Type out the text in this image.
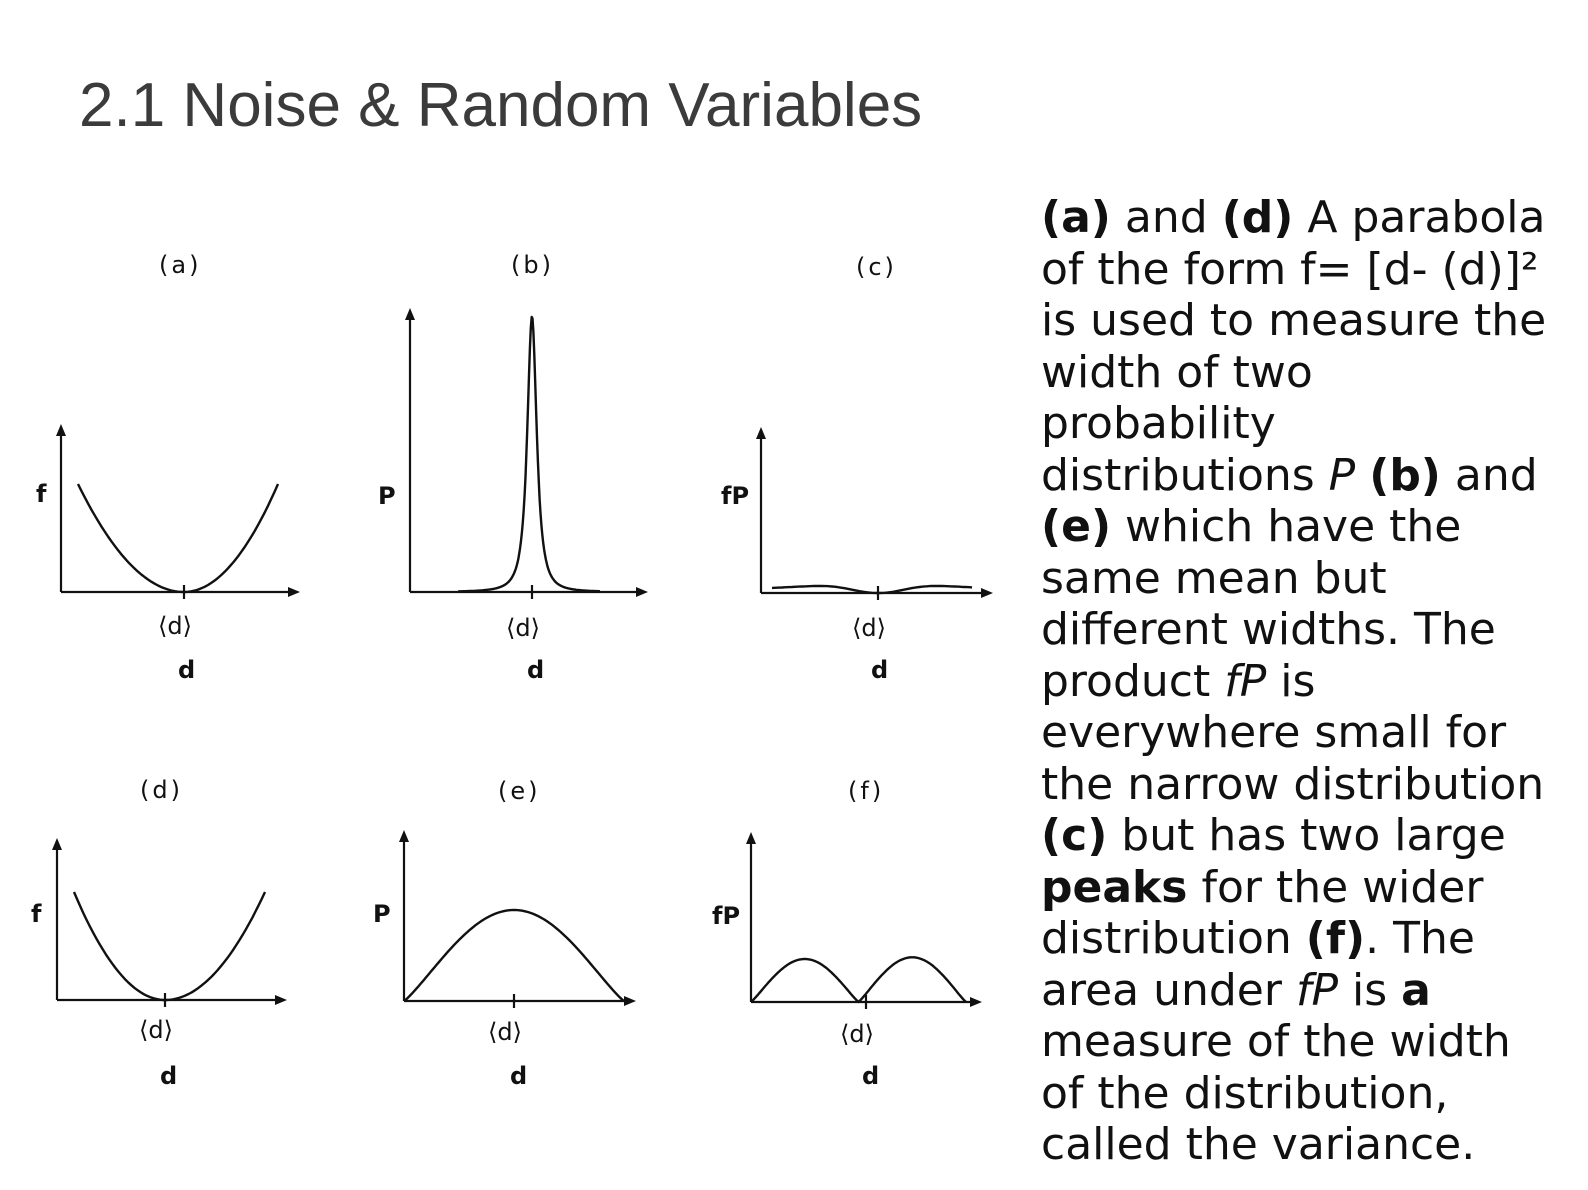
2.1 Noise & Random Variables
(a)
f
⟨d⟩
d
(b)
P
⟨d⟩
d
(c)
fP
⟨d⟩
d
(d)
f
⟨d⟩
d
(e)
P
⟨d⟩
d
(f)
fP
⟨d⟩
d
(a) and (d) A parabola
of the form f= [d- (d)]²
is used to measure the
width of two
probability
distributions P (b) and
(e) which have the
same mean but
different widths. The
product fP is
everywhere small for
the narrow distribution
(c) but has two large
peaks for the wider
distribution (f). The
area under fP is a
measure of the width
of the distribution,
called the variance.
